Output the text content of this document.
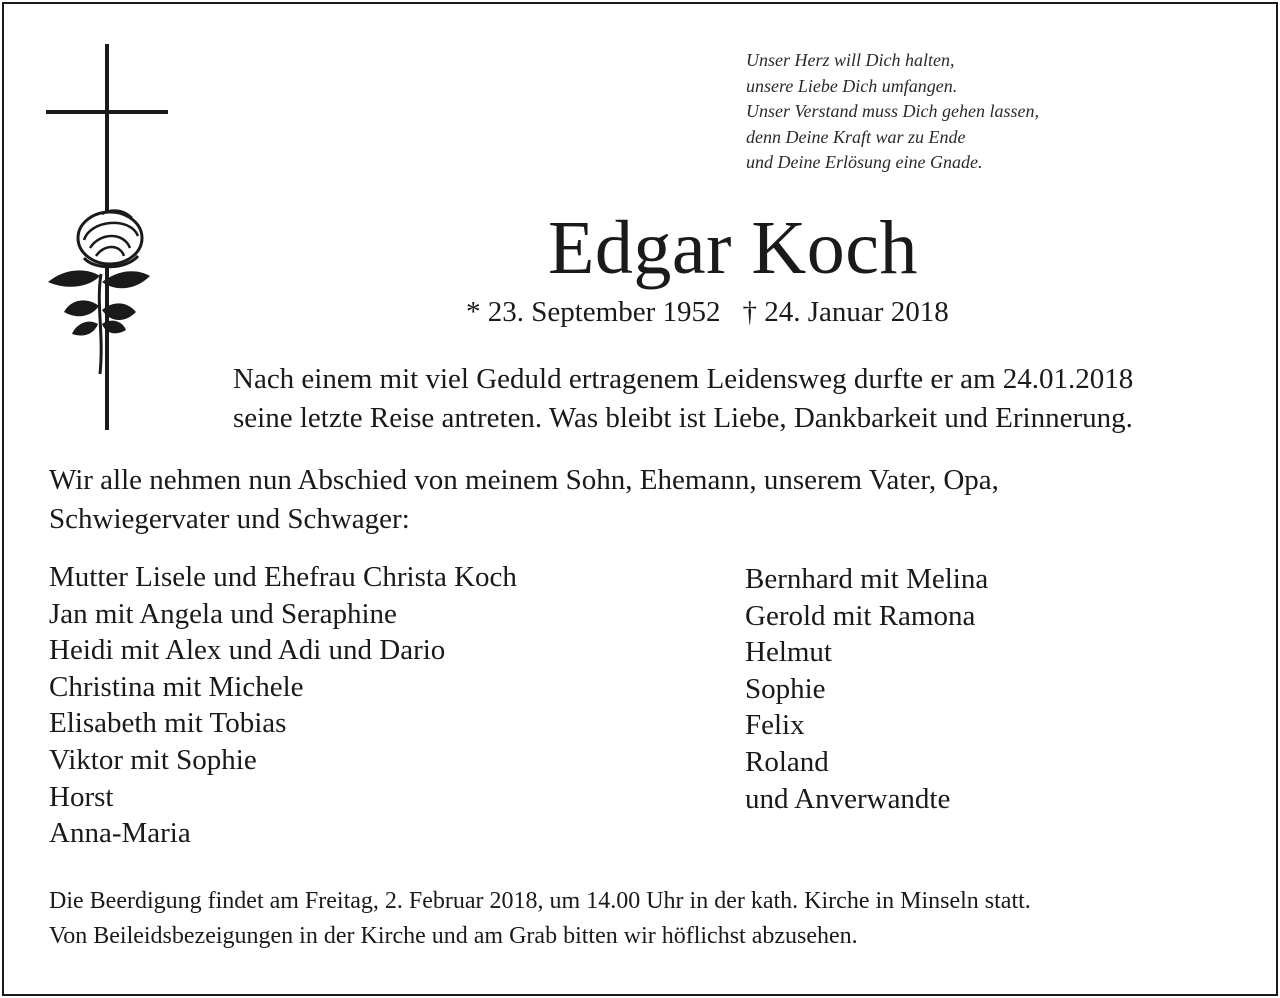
Unser Herz will Dich halten,
unsere Liebe Dich umfangen.
Unser Verstand muss Dich gehen lassen,
denn Deine Kraft war zu Ende
und Deine Erlösung eine Gnade.
Edgar Koch
* 23. September 1952 † 24. Januar 2018
Nach einem mit viel Geduld ertragenem Leidensweg durfte er am 24.01.2018
seine letzte Reise antreten. Was bleibt ist Liebe, Dankbarkeit und Erinnerung.
Wir alle nehmen nun Abschied von meinem Sohn, Ehemann, unserem Vater, Opa,
Schwiegervater und Schwager:
Mutter Lisele und Ehefrau Christa Koch
Jan mit Angela und Seraphine
Heidi mit Alex und Adi und Dario
Christina mit Michele
Elisabeth mit Tobias
Viktor mit Sophie
Horst
Anna-Maria
Bernhard mit Melina
Gerold mit Ramona
Helmut
Sophie
Felix
Roland
und Anverwandte
Die Beerdigung findet am Freitag, 2. Februar 2018, um 14.00 Uhr in der kath. Kirche in Minseln statt.
Von Beileidsbezeigungen in der Kirche und am Grab bitten wir höflichst abzusehen.
